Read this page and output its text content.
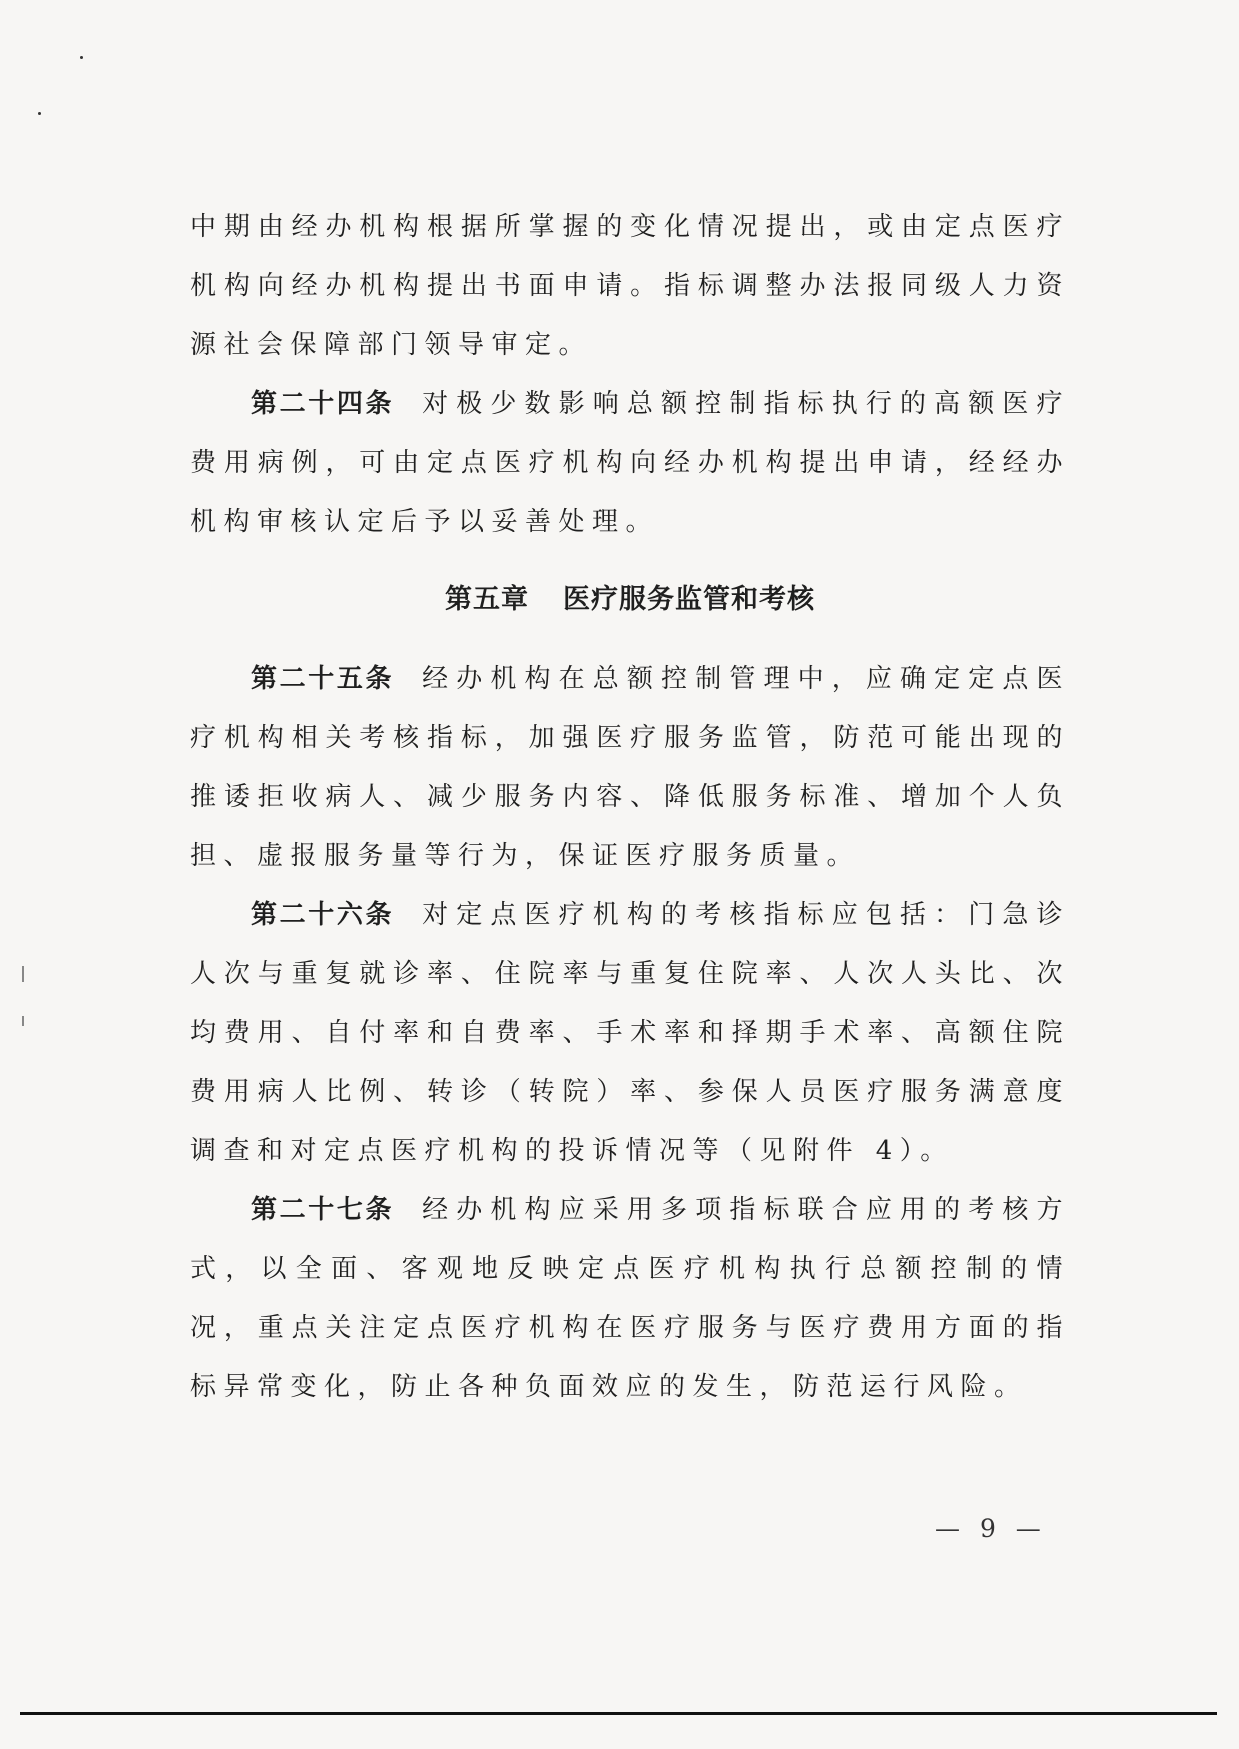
中期由经办机构根据所掌握的变化情况提出，或由定点医疗机构向经办机构提出书面申请。指标调整办法报同级人力资源社会保障部门领导审定。

第二十四条 对极少数影响总额控制指标执行的高额医疗费用病例，可由定点医疗机构向经办机构提出申请，经经办机构审核认定后予以妥善处理。

第五章 医疗服务监管和考核

第二十五条 经办机构在总额控制管理中，应确定定点医疗机构相关考核指标，加强医疗服务监管，防范可能出现的推诿拒收病人、减少服务内容、降低服务标准、增加个人负担、虚报服务量等行为，保证医疗服务质量。

第二十六条 对定点医疗机构的考核指标应包括：门急诊人次与重复就诊率、住院率与重复住院率、人次人头比、次均费用、自付率和自费率、手术率和择期手术率、高额住院费用病人比例、转诊（转院）率、参保人员医疗服务满意度调查和对定点医疗机构的投诉情况等（见附件 4）。

第二十七条 经办机构应采用多项指标联合应用的考核方式，以全面、客观地反映定点医疗机构执行总额控制的情况，重点关注定点医疗机构在医疗服务与医疗费用方面的指标异常变化，防止各种负面效应的发生，防范运行风险。

— 9 —
